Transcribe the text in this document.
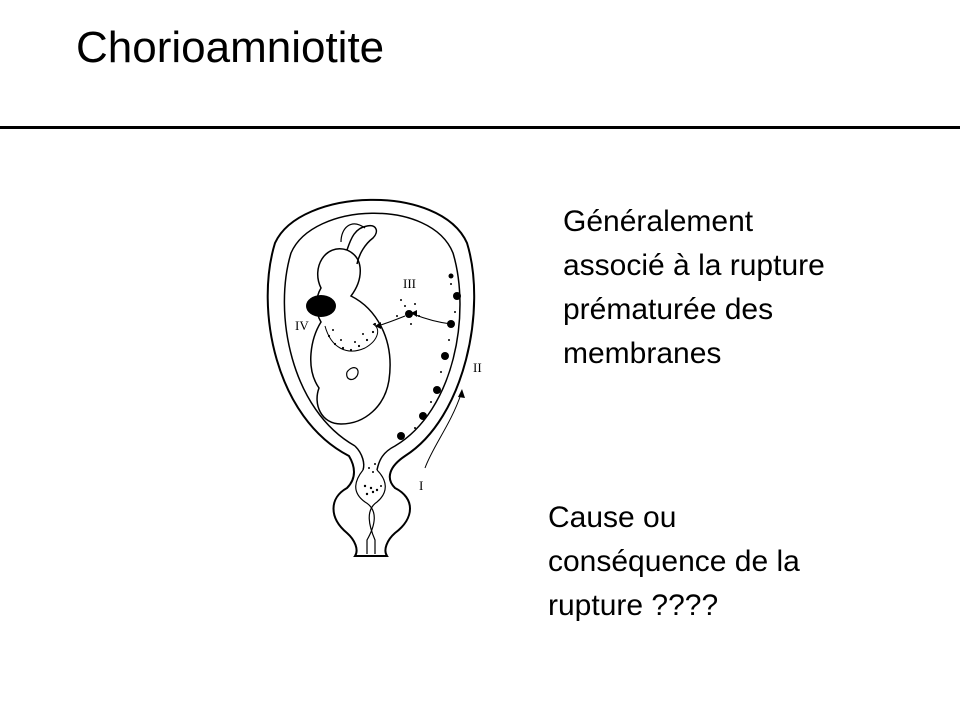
Chorioamniotite
I
II
III
IV
Généralement
associé à la rupture
prématurée des
membranes
Cause ou
conséquence de la
rupture ????
